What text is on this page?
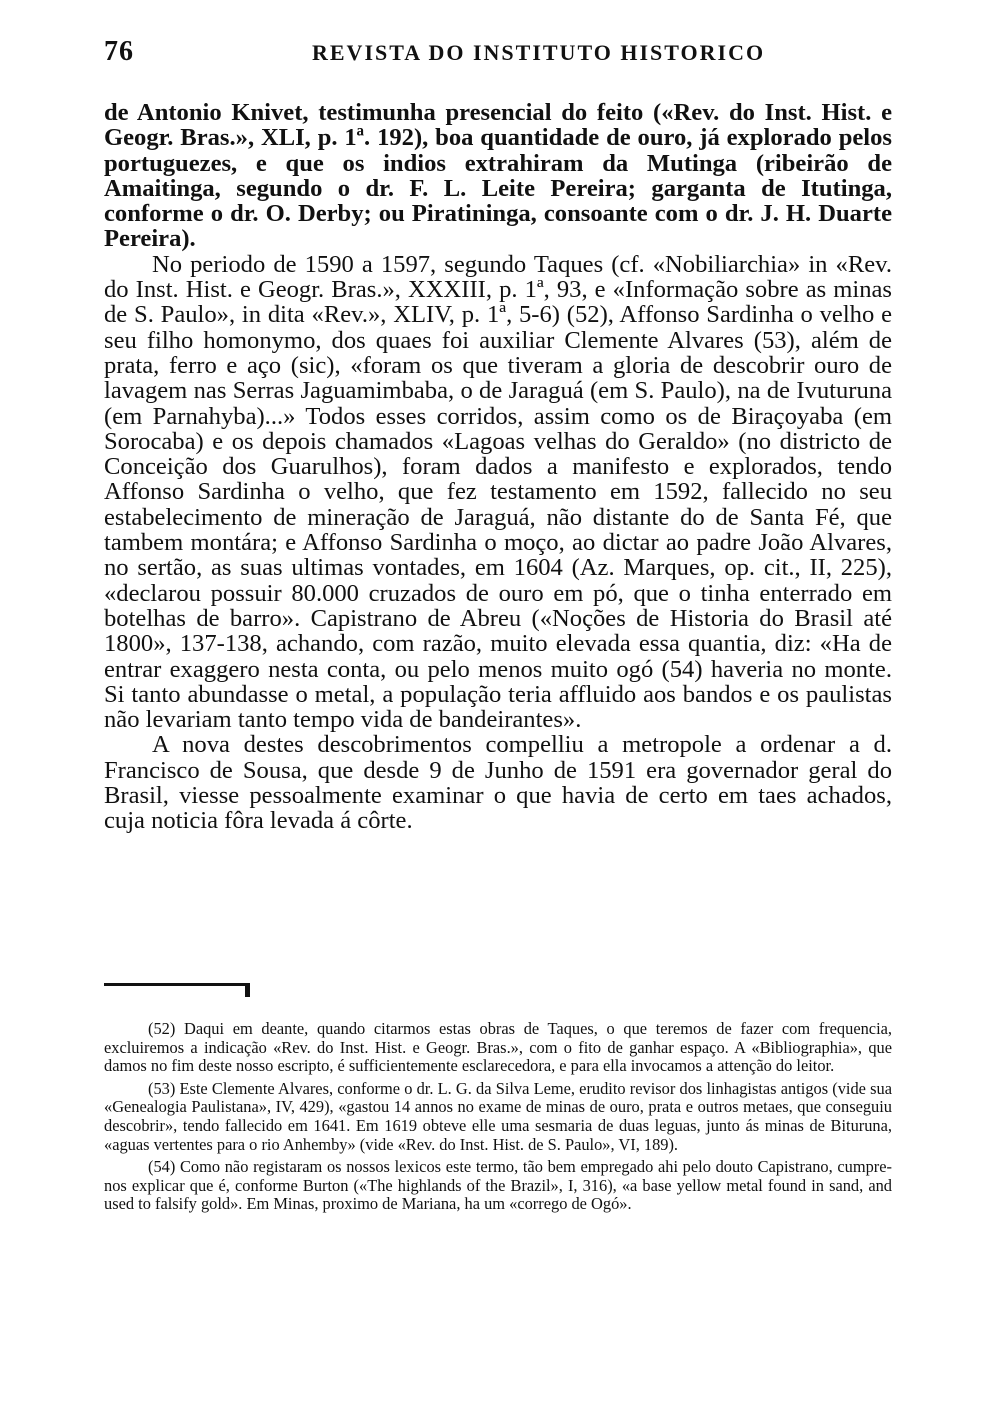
76	REVISTA DO INSTITUTO HISTORICO

de Antonio Knivet, testimunha presencial do feito («Rev. do Inst. Hist. e Geogr. Bras.», XLI, p. 1ª. 192), boa quantidade de ouro, já explorado pelos portuguezes, e que os indios extrahiram da Mutinga (ribeirão de Amaitinga, segundo o dr. F. L. Leite Pereira; garganta de Itutinga, conforme o dr. O. Derby; ou Piratininga, consoante com o dr. J. H. Duarte Pereira).

No periodo de 1590 a 1597, segundo Taques (cf. «Nobiliarchia» in «Rev. do Inst. Hist. e Geogr. Bras.», XXXIII, p. 1ª, 93, e «Informação sobre as minas de S. Paulo», in dita «Rev.», XLIV, p. 1ª, 5-6) (52), Affonso Sardinha o velho e seu filho homonymo, dos quaes foi auxiliar Clemente Alvares (53), além de prata, ferro e aço (sic), «foram os que tiveram a gloria de descobrir ouro de lavagem nas Serras Jaguamimbaba, o de Jaraguá (em S. Paulo), na de Ivuturuna (em Parnahyba)...» Todos esses corridos, assim como os de Biraçoyaba (em Sorocaba) e os depois chamados «Lagoas velhas do Geraldo» (no districto de Conceição dos Guarulhos), foram dados a manifesto e explorados, tendo Affonso Sardinha o velho, que fez testamento em 1592, fallecido no seu estabelecimento de mineração de Jaraguá, não distante do de Santa Fé, que tambem montára; e Affonso Sardinha o moço, ao dictar ao padre João Alvares, no sertão, as suas ultimas vontades, em 1604 (Az. Marques, op. cit., II, 225), «declarou possuir 80.000 cruzados de ouro em pó, que o tinha enterrado em botelhas de barro». Capistrano de Abreu («Noções de Historia do Brasil até 1800», 137-138, achando, com razão, muito elevada essa quantia, diz: «Ha de entrar exaggero nesta conta, ou pelo menos muito ogó (54) haveria no monte. Si tanto abundasse o metal, a população teria affluido aos bandos e os paulistas não levariam tanto tempo vida de bandeirantes».

A nova destes descobrimentos compelliu a metropole a ordenar a d. Francisco de Sousa, que desde 9 de Junho de 1591 era governador geral do Brasil, viesse pessoalmente examinar o que havia de certo em taes achados, cuja noticia fôra levada á côrte.

(52) Daqui em deante, quando citarmos estas obras de Taques, o que teremos de fazer com frequencia, excluiremos a indicação «Rev. do Inst. Hist. e Geogr. Bras.», com o fito de ganhar espaço. A «Bibliographia», que damos no fim deste nosso escripto, é sufficientemente esclarecedora, e para ella invocamos a attenção do leitor.

(53) Este Clemente Alvares, conforme o dr. L. G. da Silva Leme, erudito revisor dos linhagistas antigos (vide sua «Genealogia Paulistana», IV, 429), «gastou 14 annos no exame de minas de ouro, prata e outros metaes, que conseguiu descobrir», tendo fallecido em 1641. Em 1619 obteve elle uma sesmaria de duas leguas, junto ás minas de Bituruna, «aguas vertentes para o rio Anhemby» (vide «Rev. do Inst. Hist. de S. Paulo», VI, 189).

(54) Como não registaram os nossos lexicos este termo, tão bem empregado ahi pelo douto Capistrano, cumpre-nos explicar que é, conforme Burton («The highlands of the Brazil», I, 316), «a base yellow metal found in sand, and used to falsify gold». Em Minas, proximo de Mariana, ha um «corregо de Ogó».
